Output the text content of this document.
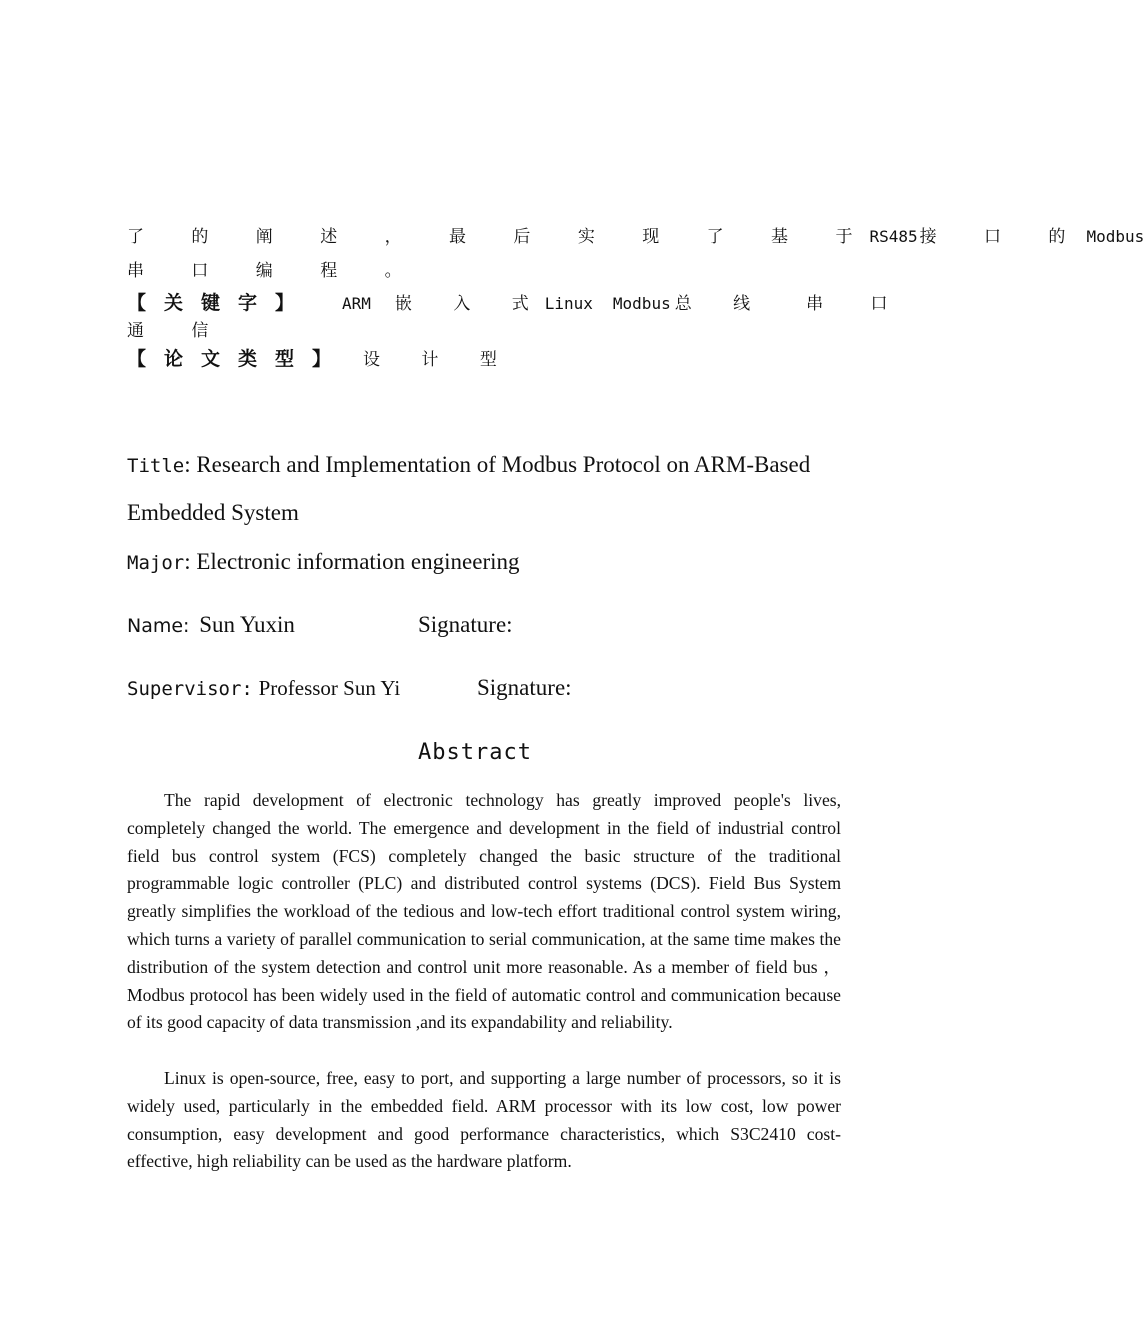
了 的 阐 述 ， 最 后 实 现 了 基 于RS485 接 口 的 Modbus
串 口 编 程 。
【关键字】 ARM 嵌 入 式Linux Modbus 总 线 串 口
通 信
【论文类型】 设 计 型
Title: Research and Implementation of Modbus Protocol on ARM-Based
Embedded System
Major: Electronic information engineering
Name: Sun Yuxin	Signature:
Supervisor: Professor Sun Yi	Signature:
Abstract

The rapid development of electronic technology has greatly improved people's lives, completely changed the world. The emergence and development in the field of industrial control field bus control system (FCS) completely changed the basic structure of the traditional programmable logic controller (PLC) and distributed control systems (DCS). Field Bus System greatly simplifies the workload of the tedious and low-tech effort traditional control system wiring, which turns a variety of parallel communication to serial communication, at the same time makes the distribution of the system detection and control unit more reasonable. As a member of field bus ， Modbus protocol has been widely used in the field of automatic control and communication because of its good capacity of data transmission ,and its expandability and reliability.

Linux is open-source, free, easy to port, and supporting a large number of processors, so it is widely used, particularly in the embedded field. ARM processor with its low cost, low power consumption, easy development and good performance characteristics, which S3C2410 cost-effective, high reliability can be used as the hardware platform.
